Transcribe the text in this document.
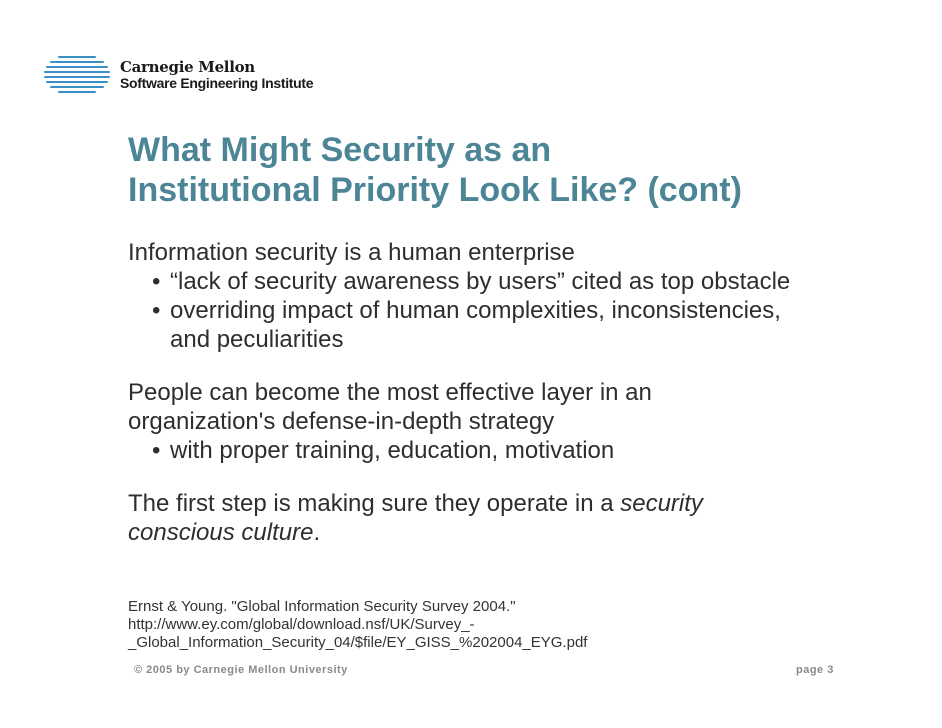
Carnegie Mellon
Software Engineering Institute
What Might Security as an
Institutional Priority Look Like? (cont)

Information security is a human enterprise

• “lack of security awareness by users” cited as top obstacle
• overriding impact of human complexities, inconsistencies,
and peculiarities

People can become the most effective layer in an

organization's defense-in-depth strategy

• with proper training, education, motivation

The first step is making sure they operate in a security
conscious culture.

Ernst & Young. "Global Information Security Survey 2004."

http://www.ey.com/global/download.nsf/UK/Survey_-

_Global_Information_Security_04/$file/EY_GISS_%202004_EYG.pdf

© 2005 by Carnegie Mellon University	page 3
